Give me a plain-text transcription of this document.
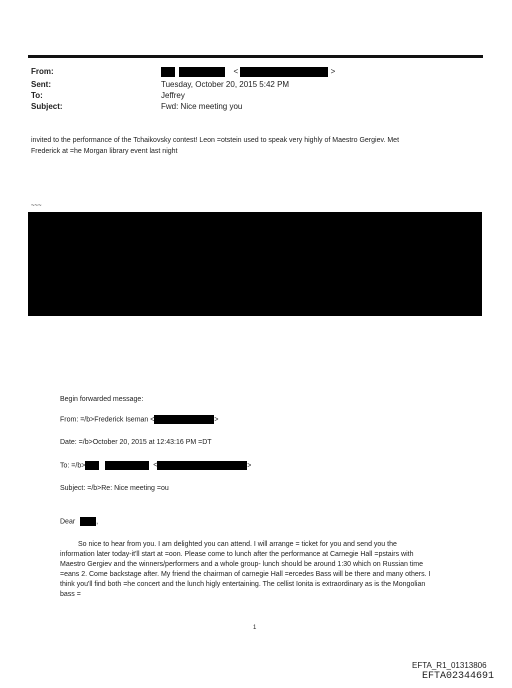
From:	<	>
Sent:	Tuesday, October 20, 2015 5:42 PM
To:	Jeffrey
Subject:	Fwd: Nice meeting you
invited to the performance of the Tchaikovsky contest! Leon =otstein used to speak very highly of Maestro Gergiev. Met
Frederick at =he Morgan library event last night
~~~
Begin forwarded message:
From: =/b>Frederick Iseman <	>
Date: =/b>October 20, 2015 at 12:43:16 PM =DT
To: =/b>	<	>
Subject: =/b>Re: Nice meeting =ou
Dear	,
So nice to hear from you. I am delighted you can attend. I will arrange = ticket for you and send you the
information later today-it'll start at =oon. Please come to lunch after the performance at Carnegie Hall =pstairs with
Maestro Gergiev and the winners/performers and a whole group- lunch should be around 1:30 which on Russian time
=eans 2. Come backstage after. My friend the chairman of carnegie Hall =ercedes Bass will be there and many others. I
think you'll find both =he concert and the lunch higly entertaining. The cellist Ionita is extraordinary as is the Mongolian
bass =
1
EFTA_R1_01313806
EFTA02344691
